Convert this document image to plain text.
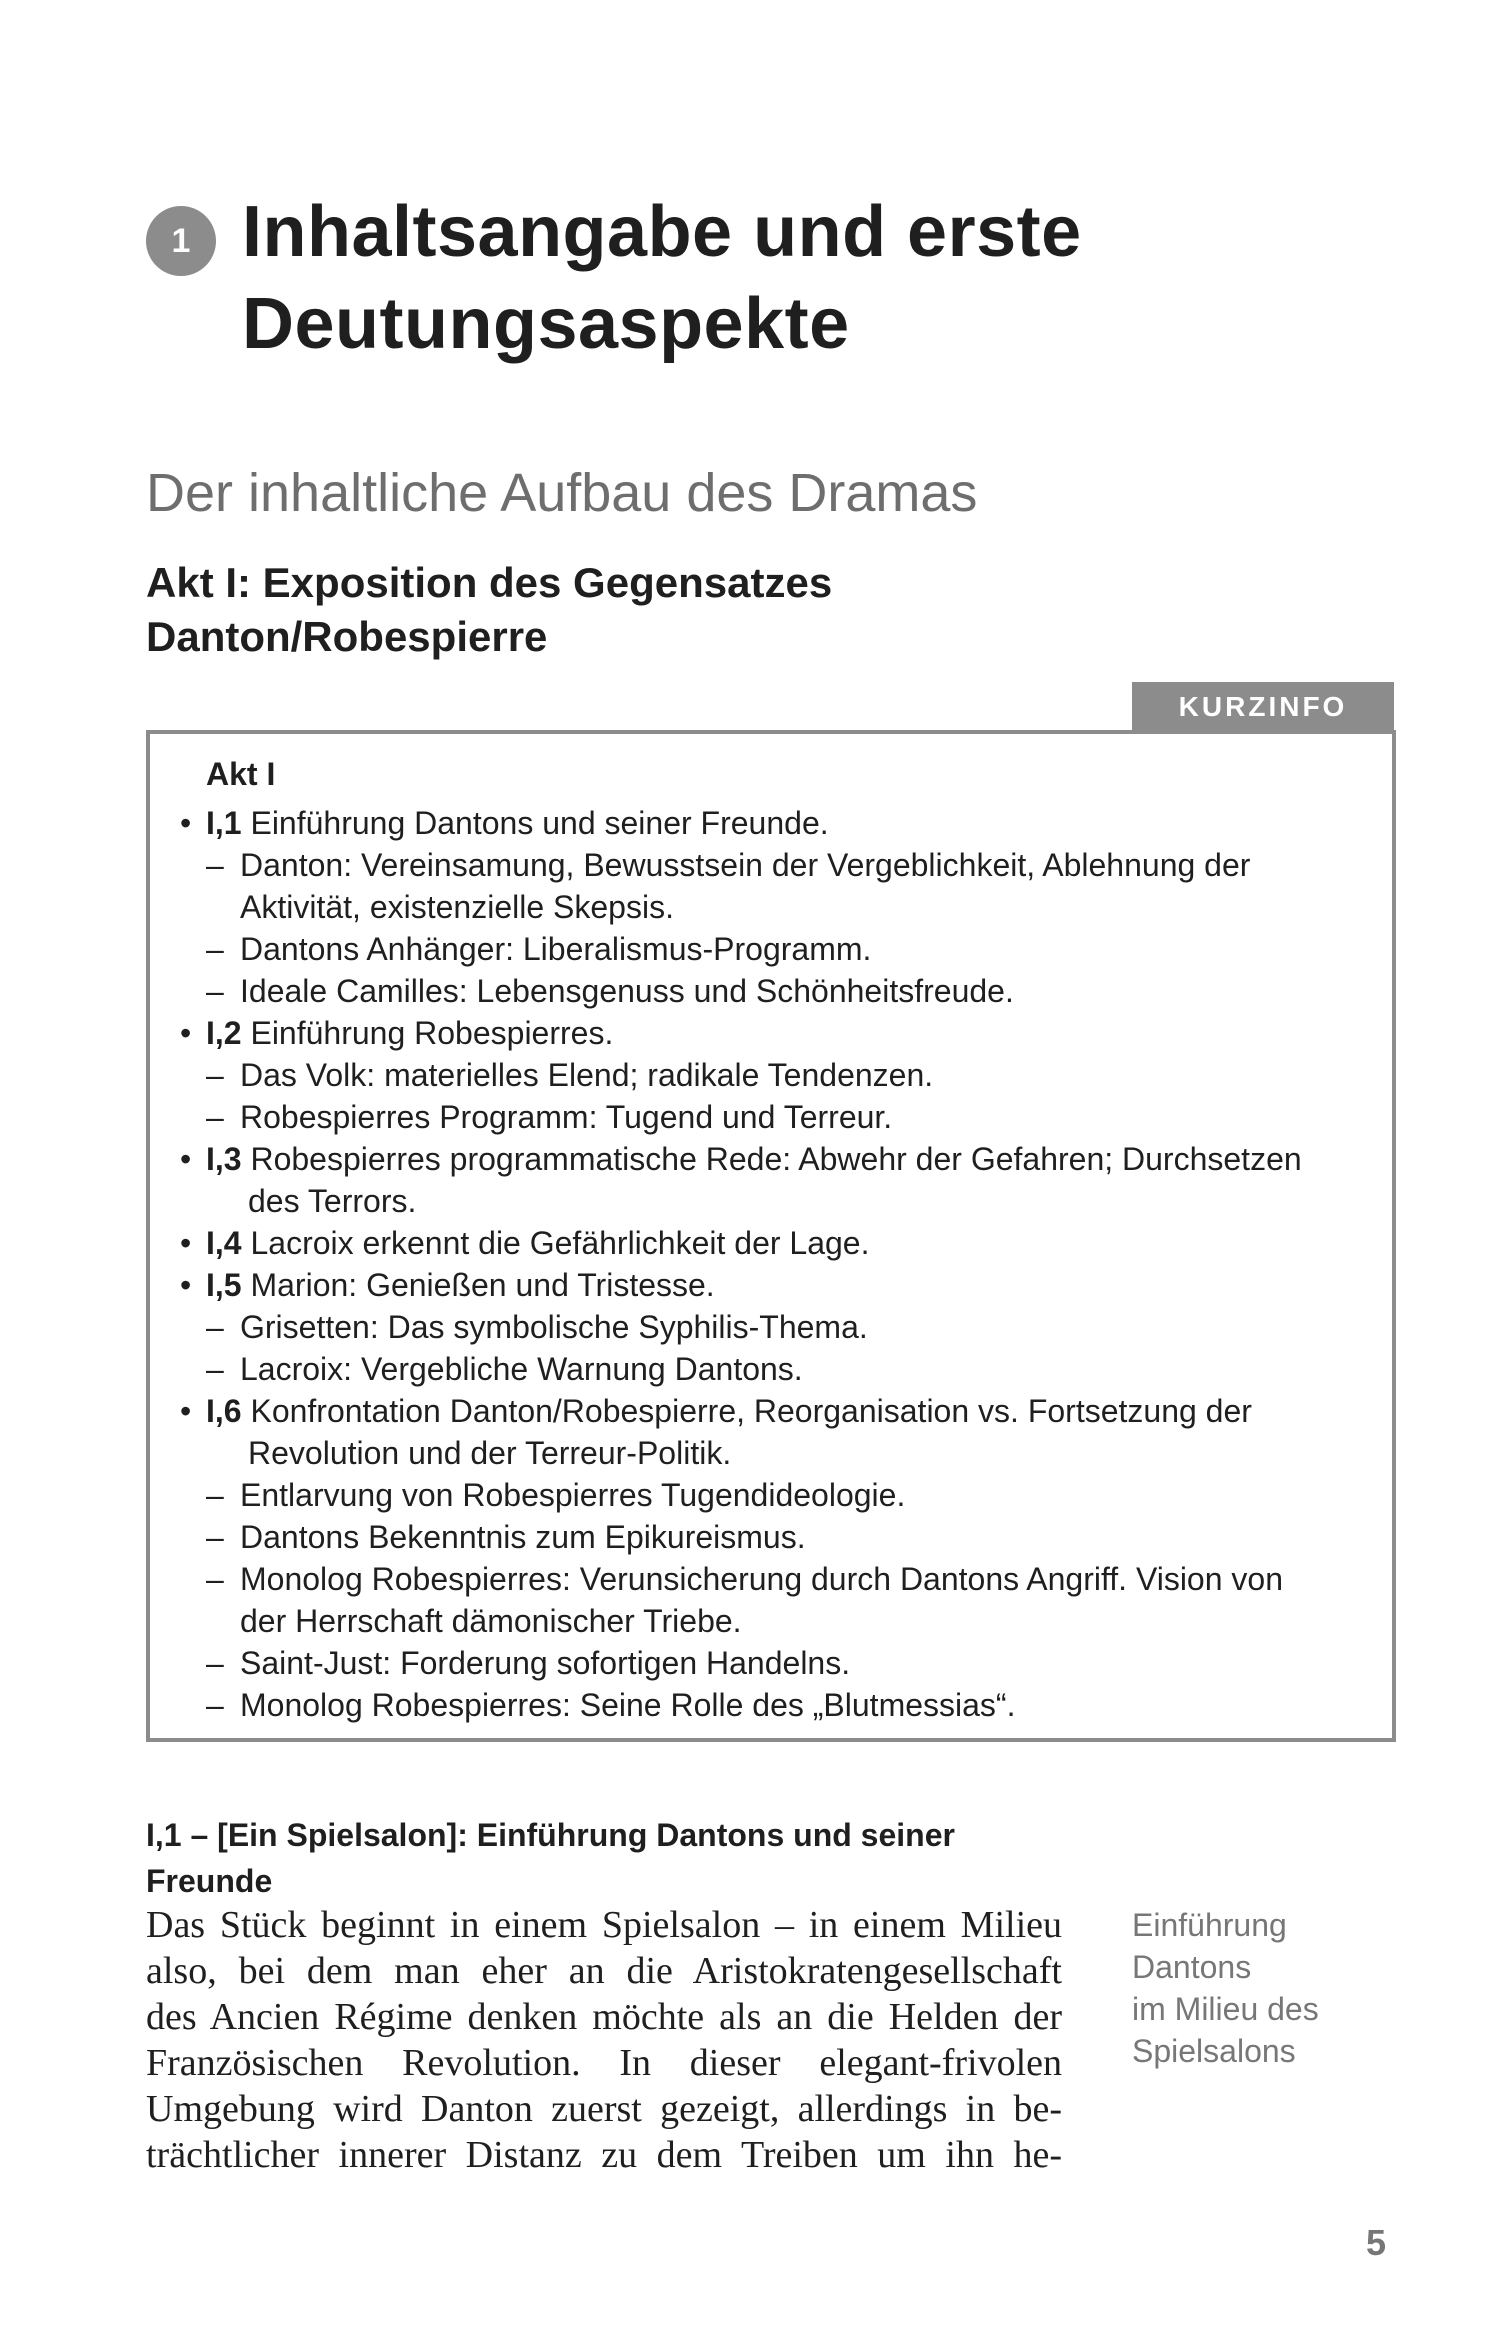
1 Inhaltsangabe und erste
Deutungsaspekte
Der inhaltliche Aufbau des Dramas
Akt I: Exposition des Gegensatzes
Danton/Robespierre
KURZINFO
Akt I
• I,1 Einführung Dantons und seiner Freunde.
– Danton: Vereinsamung, Bewusstsein der Vergeblichkeit, Ablehnung der
Aktivität, existenzielle Skepsis.
– Dantons Anhänger: Liberalismus-Programm.
– Ideale Camilles: Lebensgenuss und Schönheitsfreude.
• I,2 Einführung Robespierres.
– Das Volk: materielles Elend; radikale Tendenzen.
– Robespierres Programm: Tugend und Terreur.
• I,3 Robespierres programmatische Rede: Abwehr der Gefahren; Durchsetzen
des Terrors.
• I,4 Lacroix erkennt die Gefährlichkeit der Lage.
• I,5 Marion: Genießen und Tristesse.
– Grisetten: Das symbolische Syphilis-Thema.
– Lacroix: Vergebliche Warnung Dantons.
• I,6 Konfrontation Danton/Robespierre, Reorganisation vs. Fortsetzung der
Revolution und der Terreur-Politik.
– Entlarvung von Robespierres Tugendideologie.
– Dantons Bekenntnis zum Epikureismus.
– Monolog Robespierres: Verunsicherung durch Dantons Angriff. Vision von
der Herrschaft dämonischer Triebe.
– Saint-Just: Forderung sofortigen Handelns.
– Monolog Robespierres: Seine Rolle des „Blutmessias“.
I,1 – [Ein Spielsalon]: Einführung Dantons und seiner
Freunde
Das Stück beginnt in einem Spielsalon – in einem Milieu
also, bei dem man eher an die Aristokratengesellschaft
des Ancien Régime denken möchte als an die Helden der
Französischen Revolution. In dieser elegant-frivolen
Umgebung wird Danton zuerst gezeigt, allerdings in be-
trächtlicher innerer Distanz zu dem Treiben um ihn he-
Einführung
Dantons
im Milieu des
Spielsalons
5
